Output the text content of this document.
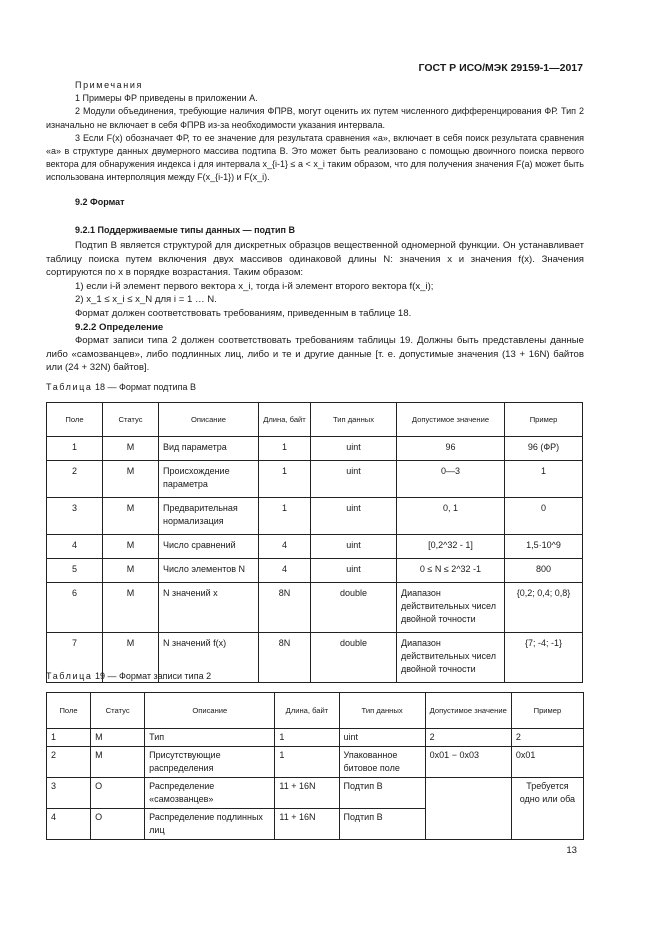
ГОСТ Р ИСО/МЭК 29159-1—2017

Примечания

1 Примеры ФР приведены в приложении А.

2 Модули объединения, требующие наличия ФПРВ, могут оценить их путем численного дифференцирования ФР. Тип 2 изначально не включает в себя ФПРВ из-за необходимости указания интервала.

3 Если F(x) обозначает ФР, то ее значение для результата сравнения «a», включает в себя поиск результата сравнения «a» в структуре данных двумерного массива подтипа B. Это может быть реализовано с помощью двоичного поиска первого вектора для обнаружения индекса i для интервала x_{i-1} ≤ a < x_i таким образом, что для получения значения F(a) может быть использована интерполяция между F(x_{i-1}) и F(x_i).

9.2 Формат
9.2.1 Поддерживаемые типы данных — подтип B

Подтип B является структурой для дискретных образцов вещественной одномерной функции. Он устанавливает таблицу поиска путем включения двух массивов одинаковой длины N: значения x и значения f(x). Значения сортируются по x в порядке возрастания. Таким образом:

1) если i-й элемент первого вектора x_i, тогда i-й элемент второго вектора f(x_i);

2) x_1 ≤ x_i ≤ x_N для i = 1 … N.

Формат должен соответствовать требованиям, приведенным в таблице 18.

9.2.2 Определение

Формат записи типа 2 должен соответствовать требованиям таблицы 19. Должны быть представлены данные либо «самозванцев», либо подлинных лиц, либо и те и другие данные [т. е. допустимые значения (13 + 16N) байтов или (24 + 32N) байтов].

Таблица 18 — Формат подтипа B
Поле	Статус	Описание	Длина, байт	Тип данных	Допустимое значение	Пример
1	M	Вид параметра	1	uint	96	96 (ФР)
2	M	Происхождение параметра	1	uint	0—3	1
3	M	Предварительная нормализация	1	uint	0, 1	0
4	M	Число сравнений	4	uint	[0,2^32 - 1]	1,5·10^9
5	M	Число элементов N	4	uint	0 ≤ N ≤ 2^32 -1	800
6	M	N значений x	8N	double	Диапазон действительных чисел двойной точности	{0,2; 0,4; 0,8}
7	M	N значений f(x)	8N	double	Диапазон действительных чисел двойной точности	{7; -4; -1}
Таблица 19 — Формат записи типа 2
Поле	Статус	Описание	Длина, байт	Тип данных	Допустимое значение	Пример
1	M	Тип	1	uint	2	2
2	M	Присутствующие распределения	1	Упакованное битовое поле	0x01 − 0x03	0x01
3	O	Распределение «самозванцев»	11 + 16N	Подтип B		Требуется одно или оба
4	O	Распределение подлинных лиц	11 + 16N	Подтип B		
13
